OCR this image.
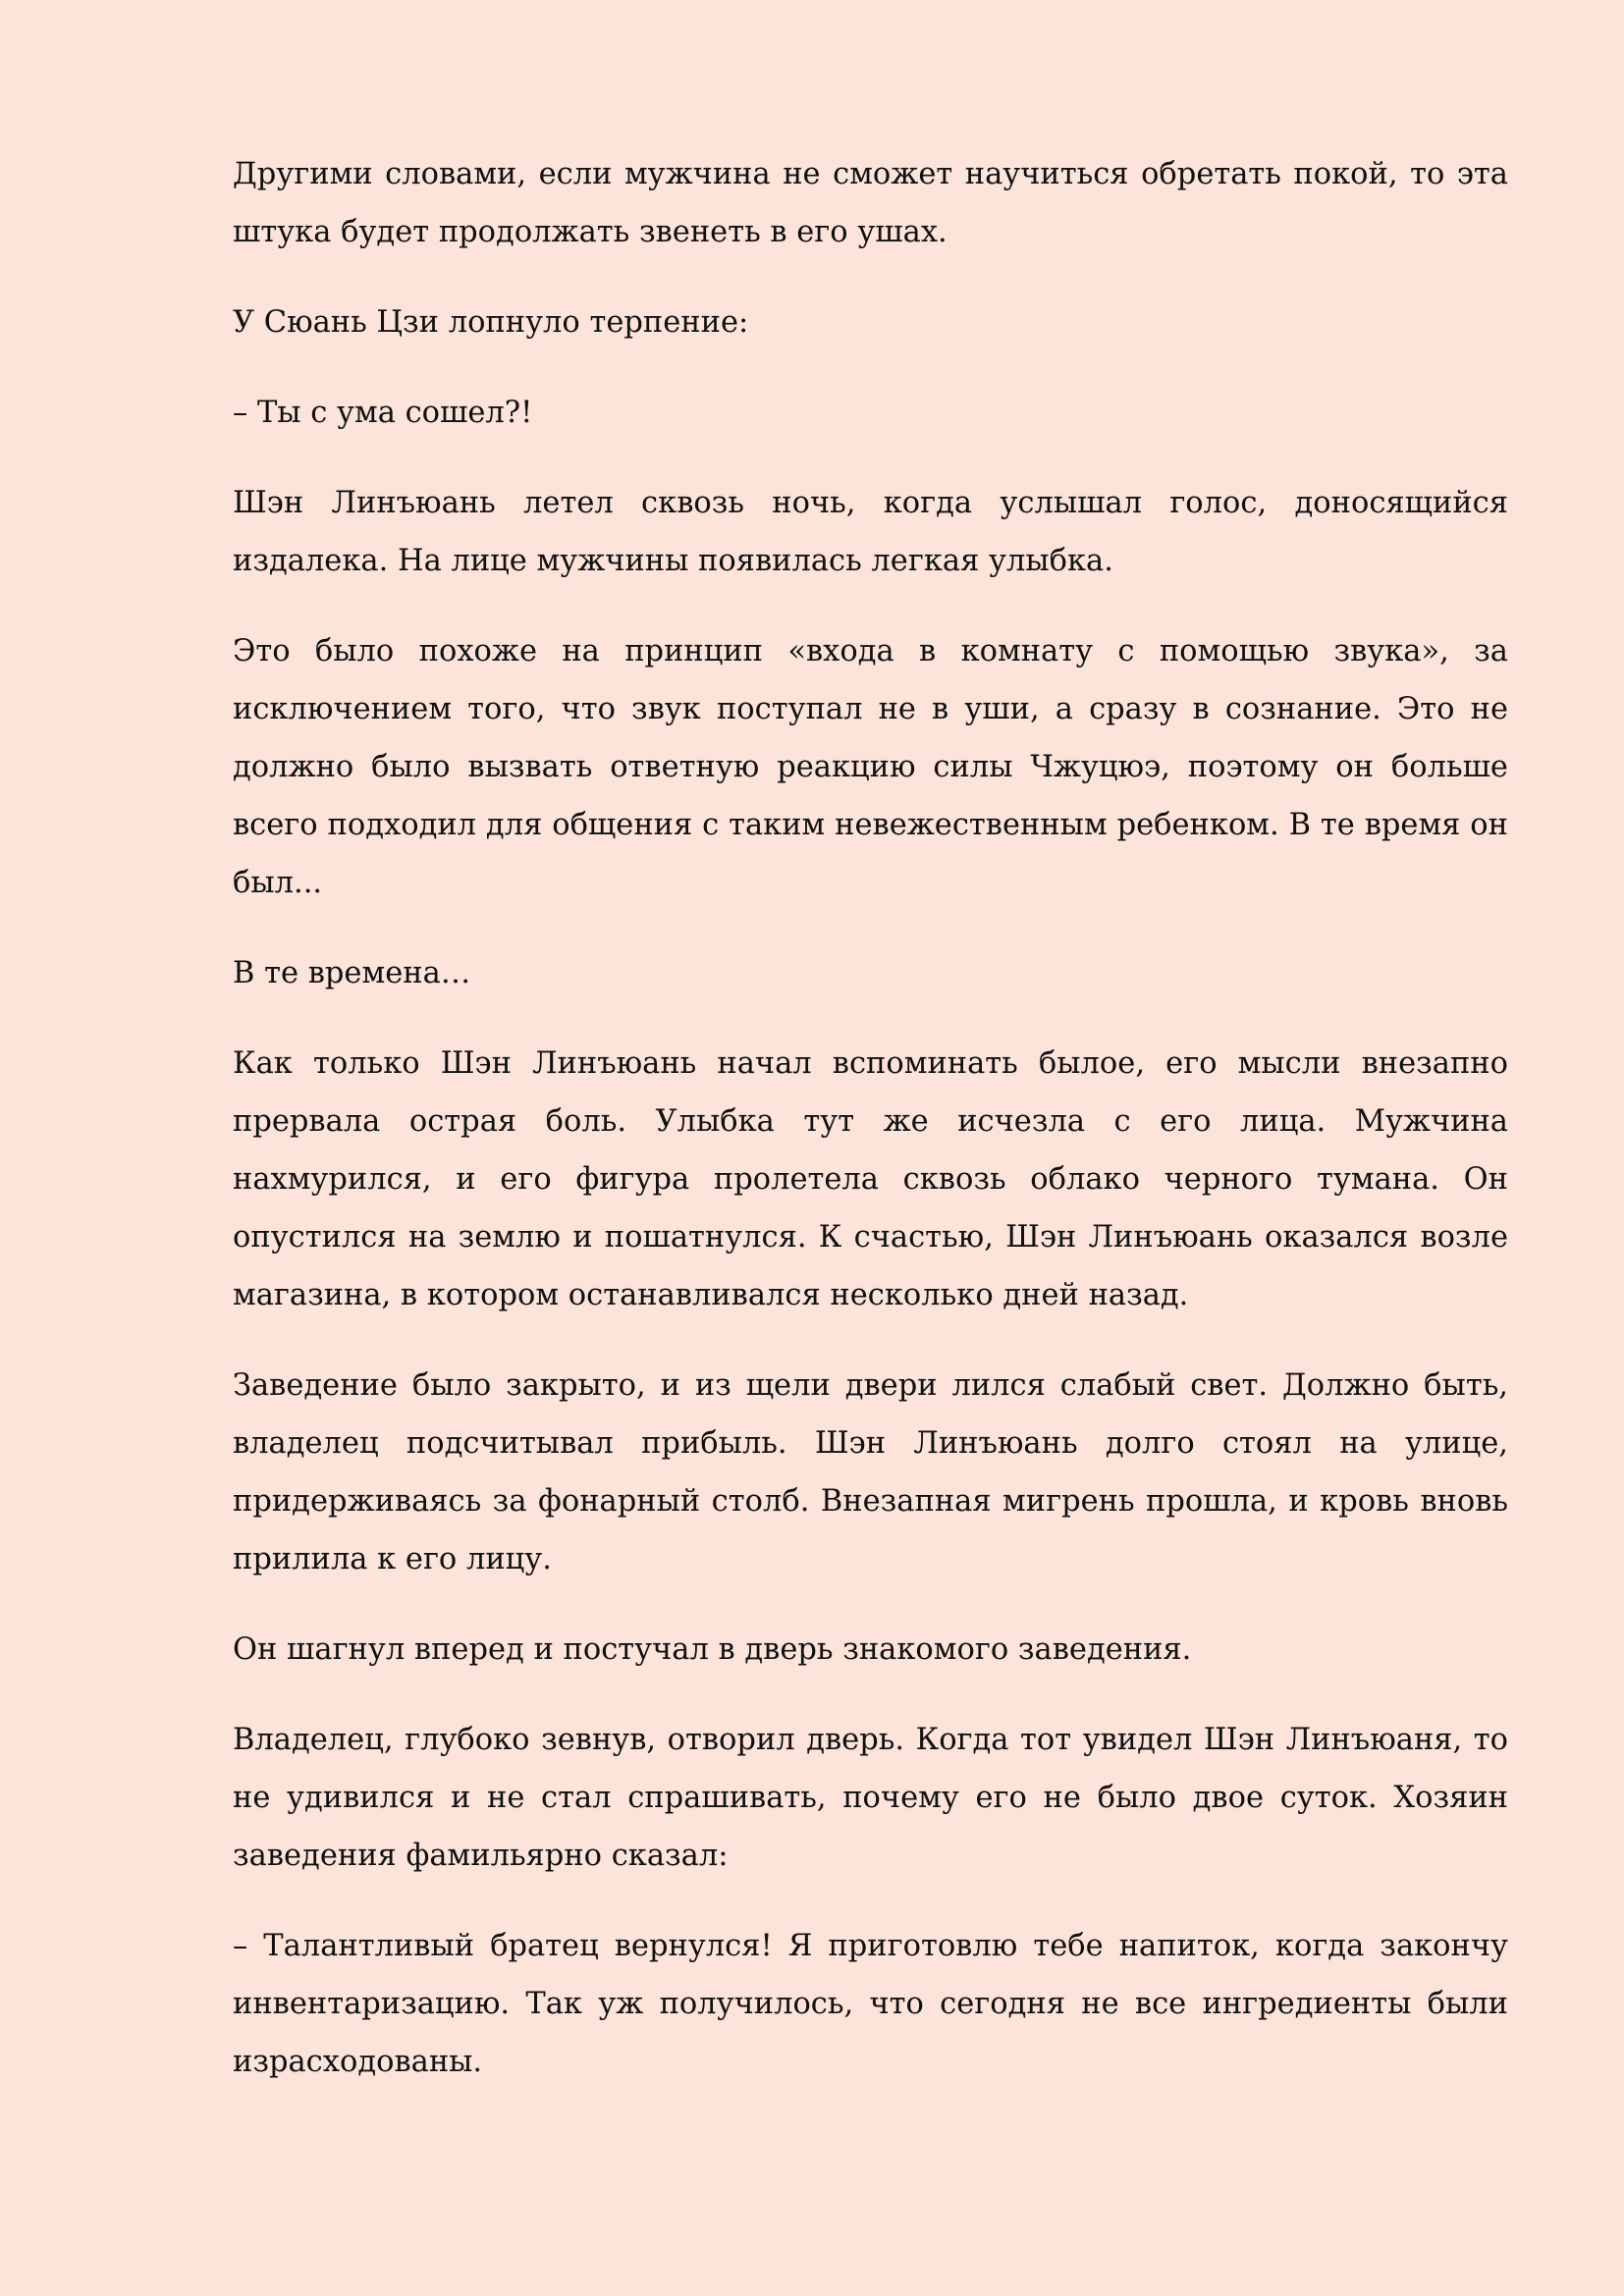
Другими словами, если мужчина не сможет научиться обретать покой, то эта штука будет продолжать звенеть в его ушах.

У Сюань Цзи лопнуло терпение:

– Ты с ума сошел?!

Шэн Линъюань летел сквозь ночь, когда услышал голос, доносящийся издалека. На лице мужчины появилась легкая улыбка.

Это было похоже на принцип «входа в комнату с помощью звука», за исключением того, что звук поступал не в уши, а сразу в сознание. Это не должно было вызвать ответную реакцию силы Чжуцюэ, поэтому он больше всего подходил для общения с таким невежественным ребенком. В те время он был...

В те времена…

Как только Шэн Линъюань начал вспоминать былое, его мысли внезапно прервала острая боль. Улыбка тут же исчезла с его лица. Мужчина нахмурился, и его фигура пролетела сквозь облако черного тумана. Он опустился на землю и пошатнулся. К счастью, Шэн Линъюань оказался возле магазина, в котором останавливался несколько дней назад.

Заведение было закрыто, и из щели двери лился слабый свет. Должно быть, владелец подсчитывал прибыль. Шэн Линъюань долго стоял на улице, придерживаясь за фонарный столб. Внезапная мигрень прошла, и кровь вновь прилила к его лицу.

Он шагнул вперед и постучал в дверь знакомого заведения.

Владелец, глубоко зевнув, отворил дверь. Когда тот увидел Шэн Линъюаня, то не удивился и не стал спрашивать, почему его не было двое суток. Хозяин заведения фамильярно сказал:

– Талантливый братец вернулся! Я приготовлю тебе напиток, когда закончу инвентаризацию. Так уж получилось, что сегодня не все ингредиенты были израсходованы.
